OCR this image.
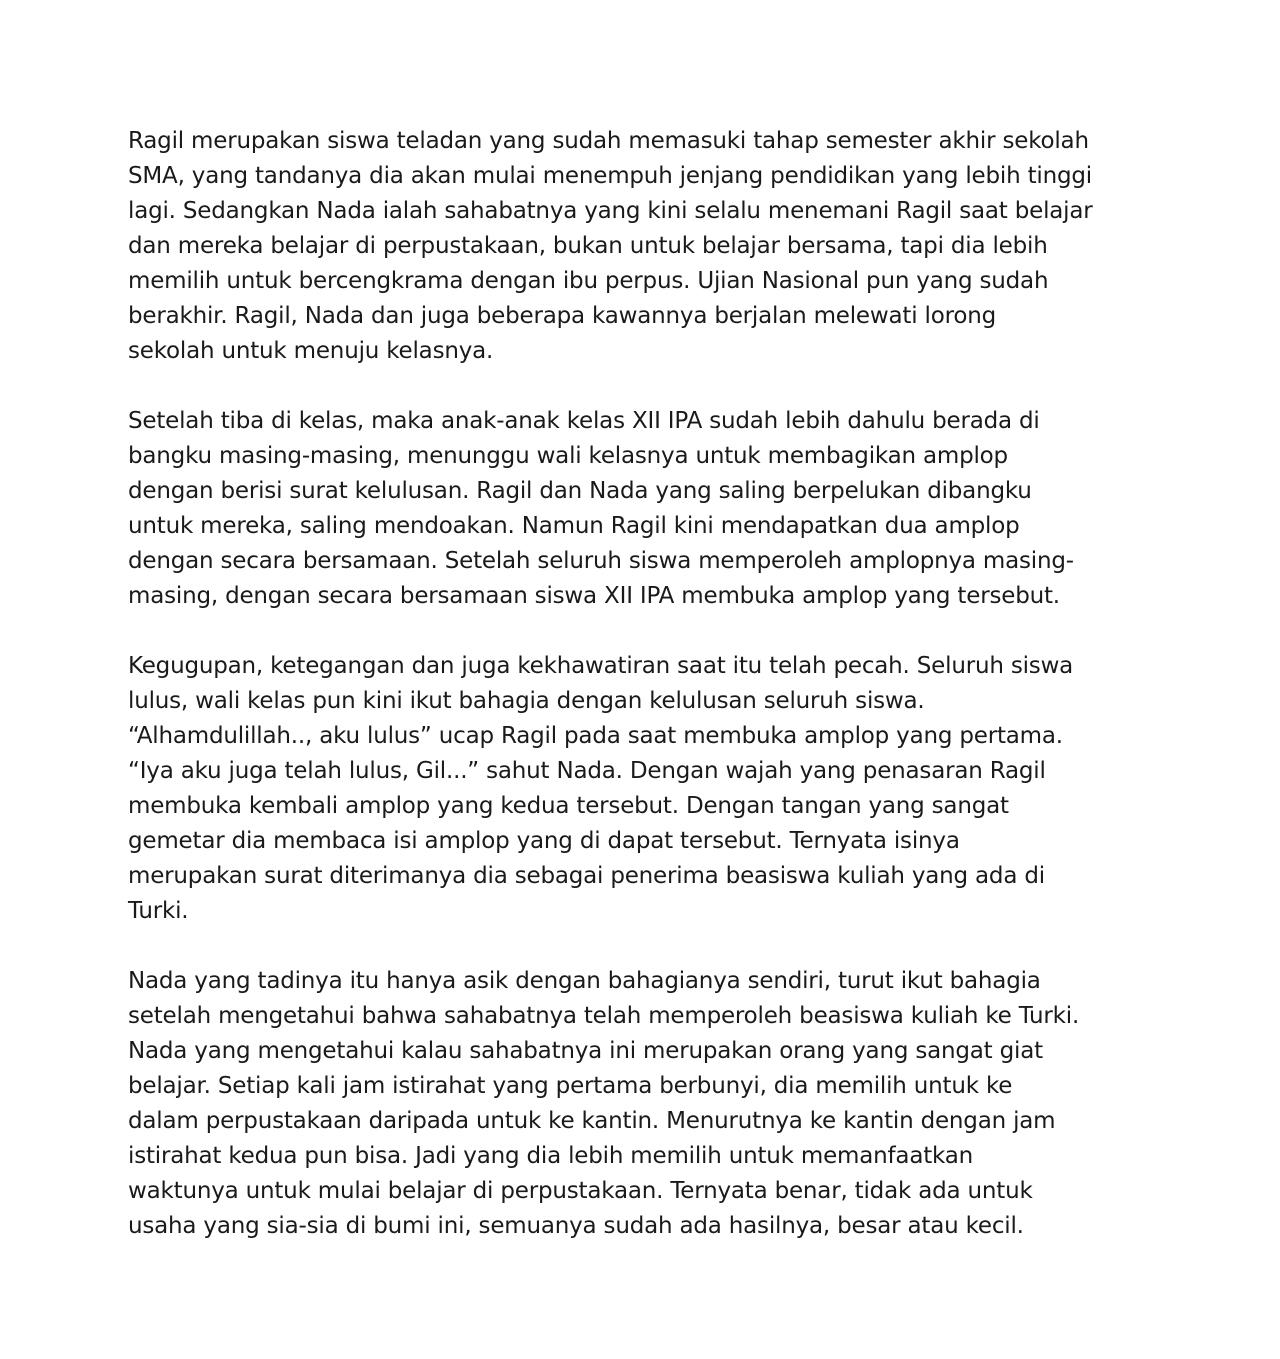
Ragil merupakan siswa teladan yang sudah memasuki tahap semester akhir sekolah
SMA, yang tandanya dia akan mulai menempuh jenjang pendidikan yang lebih tinggi
lagi. Sedangkan Nada ialah sahabatnya yang kini selalu menemani Ragil saat belajar
dan mereka belajar di perpustakaan, bukan untuk belajar bersama, tapi dia lebih
memilih untuk bercengkrama dengan ibu perpus. Ujian Nasional pun yang sudah
berakhir. Ragil, Nada dan juga beberapa kawannya berjalan melewati lorong
sekolah untuk menuju kelasnya.

Setelah tiba di kelas, maka anak-anak kelas XII IPA sudah lebih dahulu berada di
bangku masing-masing, menunggu wali kelasnya untuk membagikan amplop
dengan berisi surat kelulusan. Ragil dan Nada yang saling berpelukan dibangku
untuk mereka, saling mendoakan. Namun Ragil kini mendapatkan dua amplop
dengan secara bersamaan. Setelah seluruh siswa memperoleh amplopnya masing-
masing, dengan secara bersamaan siswa XII IPA membuka amplop yang tersebut.

Kegugupan, ketegangan dan juga kekhawatiran saat itu telah pecah. Seluruh siswa
lulus, wali kelas pun kini ikut bahagia dengan kelulusan seluruh siswa.
“Alhamdulillah.., aku lulus” ucap Ragil pada saat membuka amplop yang pertama.
“Iya aku juga telah lulus, Gil...” sahut Nada. Dengan wajah yang penasaran Ragil
membuka kembali amplop yang kedua tersebut. Dengan tangan yang sangat
gemetar dia membaca isi amplop yang di dapat tersebut. Ternyata isinya
merupakan surat diterimanya dia sebagai penerima beasiswa kuliah yang ada di
Turki.

Nada yang tadinya itu hanya asik dengan bahagianya sendiri, turut ikut bahagia
setelah mengetahui bahwa sahabatnya telah memperoleh beasiswa kuliah ke Turki.
Nada yang mengetahui kalau sahabatnya ini merupakan orang yang sangat giat
belajar. Setiap kali jam istirahat yang pertama berbunyi, dia memilih untuk ke
dalam perpustakaan daripada untuk ke kantin. Menurutnya ke kantin dengan jam
istirahat kedua pun bisa. Jadi yang dia lebih memilih untuk memanfaatkan
waktunya untuk mulai belajar di perpustakaan. Ternyata benar, tidak ada untuk
usaha yang sia-sia di bumi ini, semuanya sudah ada hasilnya, besar atau kecil.
